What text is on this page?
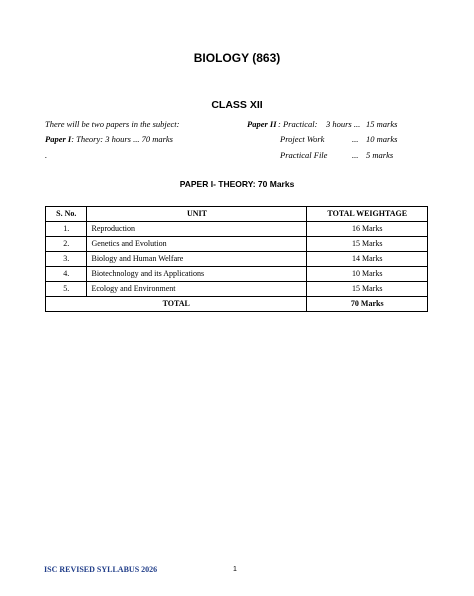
BIOLOGY (863)
CLASS XII
There will be two papers in the subject:
Paper I: Theory: 3 hours ... 70 marks
.
Paper II : Practical: 3 hours ... 15 marks
Project Work	... 10 marks
Practical File	... 5 marks
PAPER I- THEORY: 70 Marks
S. No.	UNIT	TOTAL WEIGHTAGE
1.	Reproduction	16 Marks
2.	Genetics and Evolution	15 Marks
3.	Biology and Human Welfare	14 Marks
4.	Biotechnology and its Applications	10 Marks
5.	Ecology and Environment	15 Marks
TOTAL		70 Marks
ISC REVISED SYLLABUS 2026	1
